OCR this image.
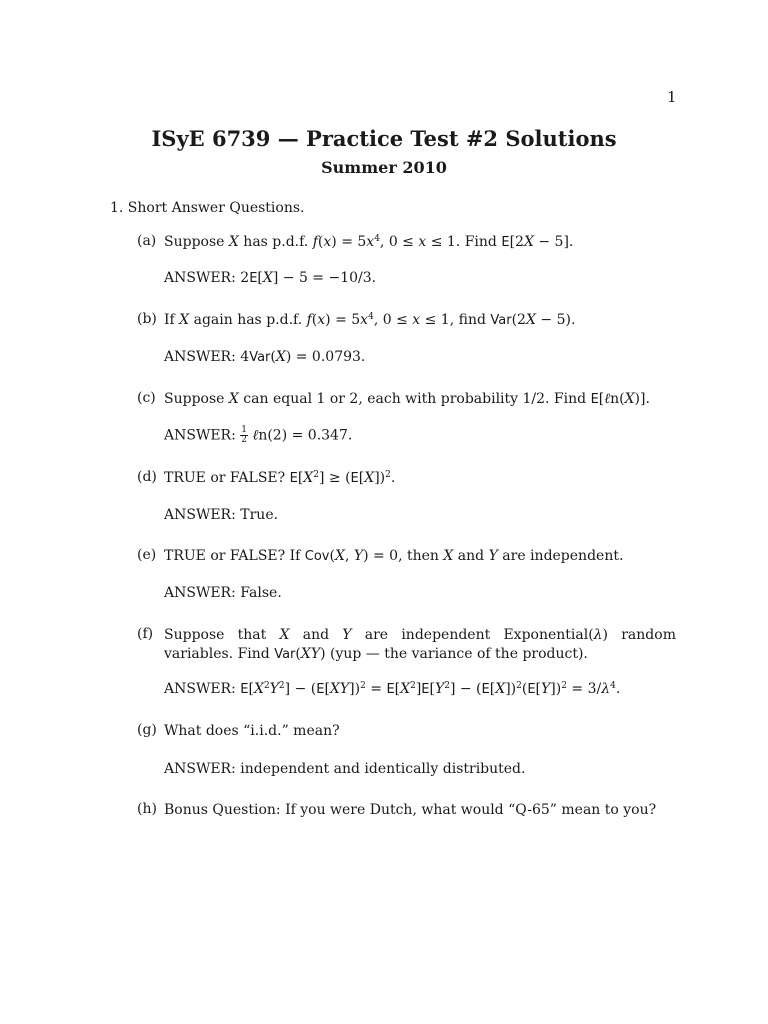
1
ISyE 6739 — Practice Test #2 Solutions
Summer 2010
1. Short Answer Questions.
(a) Suppose X has p.d.f. $f(x) = 5x^4$, 0 ≤ x ≤ 1. Find E[2X − 5].
ANSWER: 2E[X] − 5 = −10/3.
(b) If X again has p.d.f. $f(x) = 5x^4$, 0 ≤ x ≤ 1, find Var(2X − 5).
ANSWER: 4Var(X) = 0.0793.
(c) Suppose X can equal 1 or 2, each with probability 1/2. Find E[ℓn(X)].
ANSWER: $\frac{1}{2}$ ℓn(2) = 0.347.
(d) TRUE or FALSE? $E[X^2] \ge (E[X])^2$.
ANSWER: True.
(e) TRUE or FALSE? If Cov(X, Y) = 0, then X and Y are independent.
ANSWER: False.
(f) Suppose that X and Y are independent Exponential(λ) random variables. Find Var(XY) (yup — the variance of the product).
ANSWER: $E[X^2Y^2] - (E[XY])^2 = E[X^2]E[Y^2] - (E[X])^2(E[Y])^2 = 3/\lambda^4$.
(g) What does “i.i.d.” mean?
ANSWER: independent and identically distributed.
(h) Bonus Question: If you were Dutch, what would “Q-65” mean to you?
